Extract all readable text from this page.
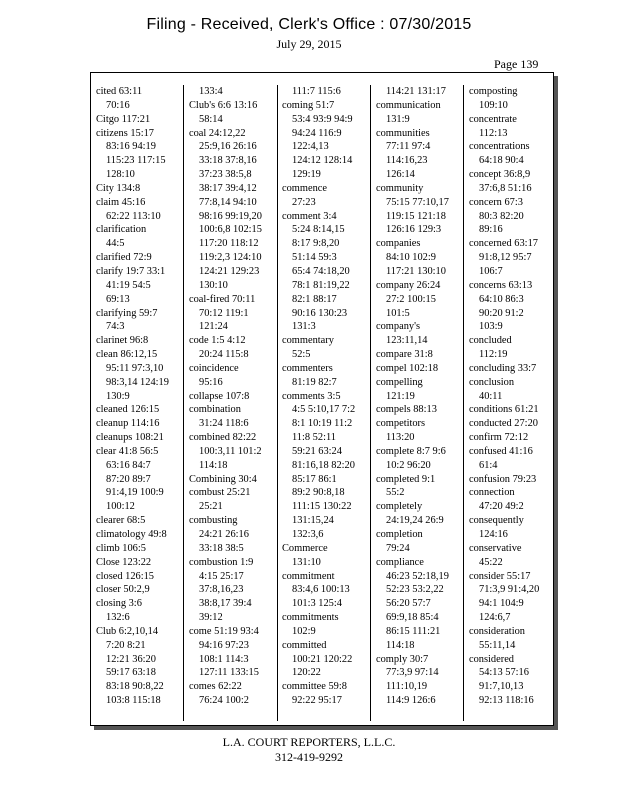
Filing - Received, Clerk's Office : 07/30/2015
July 29, 2015
Page 139
cited 63:11
70:16
Citgo 117:21
citizens 15:17
83:16 94:19
115:23 117:15
128:10
City 134:8
claim 45:16
62:22 113:10
clarification
44:5
clarified 72:9
clarify 19:7 33:1
41:19 54:5
69:13
clarifying 59:7
74:3
clarinet 96:8
clean 86:12,15
95:11 97:3,10
98:3,14 124:19
130:9
cleaned 126:15
cleanup 114:16
cleanups 108:21
clear 41:8 56:5
63:16 84:7
87:20 89:7
91:4,19 100:9
100:12
clearer 68:5
climatology 49:8
climb 106:5
Close 123:22
closed 126:15
closer 50:2,9
closing 3:6
132:6
Club 6:2,10,14
7:20 8:21
12:21 36:20
59:17 63:18
83:18 90:8,22
103:8 115:18
133:4
Club's 6:6 13:16
58:14
coal 24:12,22
25:9,16 26:16
33:18 37:8,16
37:23 38:5,8
38:17 39:4,12
77:8,14 94:10
98:16 99:19,20
100:6,8 102:15
117:20 118:12
119:2,3 124:10
124:21 129:23
130:10
coal-fired 70:11
70:12 119:1
121:24
code 1:5 4:12
20:24 115:8
coincidence
95:16
collapse 107:8
combination
31:24 118:6
combined 82:22
100:3,11 101:2
114:18
Combining 30:4
combust 25:21
25:21
combusting
24:21 26:16
33:18 38:5
combustion 1:9
4:15 25:17
37:8,16,23
38:8,17 39:4
39:12
come 51:19 93:4
94:16 97:23
108:1 114:3
127:11 133:15
comes 62:22
76:24 100:2
111:7 115:6
coming 51:7
53:4 93:9 94:9
94:24 116:9
122:4,13
124:12 128:14
129:19
commence
27:23
comment 3:4
5:24 8:14,15
8:17 9:8,20
51:14 59:3
65:4 74:18,20
78:1 81:19,22
82:1 88:17
90:16 130:23
131:3
commentary
52:5
commenters
81:19 82:7
comments 3:5
4:5 5:10,17 7:2
8:1 10:19 11:2
11:8 52:11
59:21 63:24
81:16,18 82:20
85:17 86:1
89:2 90:8,18
111:15 130:22
131:15,24
132:3,6
Commerce
131:10
commitment
83:4,6 100:13
101:3 125:4
commitments
102:9
committed
100:21 120:22
120:22
committee 59:8
92:22 95:17
114:21 131:17
communication
131:9
communities
77:11 97:4
114:16,23
126:14
community
75:15 77:10,17
119:15 121:18
126:16 129:3
companies
84:10 102:9
117:21 130:10
company 26:24
27:2 100:15
101:5
company's
123:11,14
compare 31:8
compel 102:18
compelling
121:19
compels 88:13
competitors
113:20
complete 8:7 9:6
10:2 96:20
completed 9:1
55:2
completely
24:19,24 26:9
completion
79:24
compliance
46:23 52:18,19
52:23 53:2,22
56:20 57:7
69:9,18 85:4
86:15 111:21
114:18
comply 30:7
77:3,9 97:14
111:10,19
114:9 126:6
composting
109:10
concentrate
112:13
concentrations
64:18 90:4
concept 36:8,9
37:6,8 51:16
concern 67:3
80:3 82:20
89:16
concerned 63:17
91:8,12 95:7
106:7
concerns 63:13
64:10 86:3
90:20 91:2
103:9
concluded
112:19
concluding 33:7
conclusion
40:11
conditions 61:21
conducted 27:20
confirm 72:12
confused 41:16
61:4
confusion 79:23
connection
47:20 49:2
consequently
124:16
conservative
45:22
consider 55:17
71:3,9 91:4,20
94:1 104:9
124:6,7
consideration
55:11,14
considered
54:13 57:16
91:7,10,13
92:13 118:16
L.A. COURT REPORTERS, L.L.C.
312-419-9292
